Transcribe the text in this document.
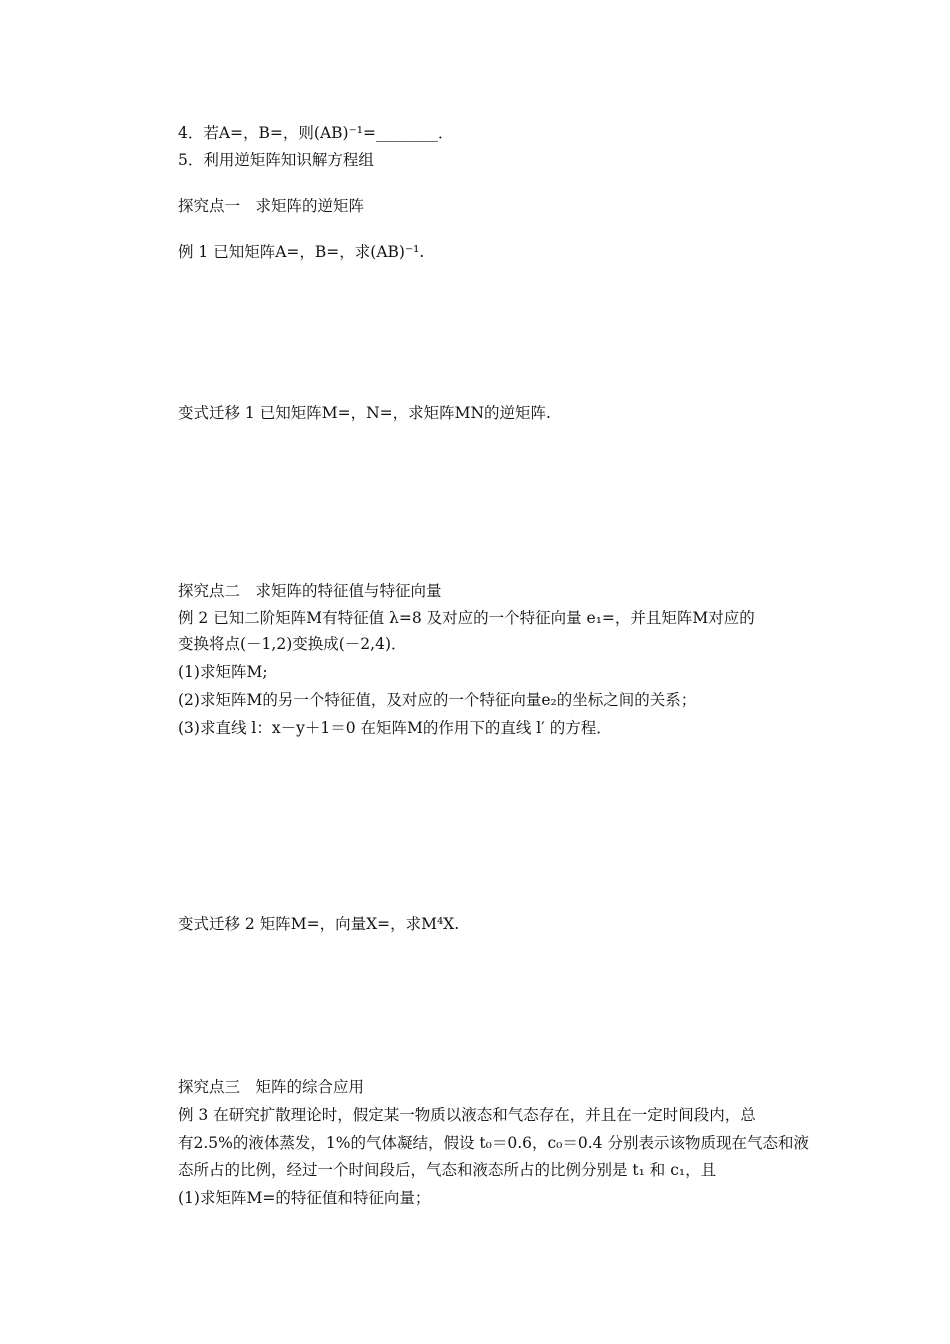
4．若A=，B=，则(AB)⁻¹=________．
5．利用逆矩阵知识解方程组
探究点一　求矩阵的逆矩阵
例 1 已知矩阵A=，B=，求(AB)⁻¹.
变式迁移 1 已知矩阵M=，N=，求矩阵MN的逆矩阵.
探究点二　求矩阵的特征值与特征向量
例 2 已知二阶矩阵M有特征值 λ=8 及对应的一个特征向量 e₁=，并且矩阵M对应的
变换将点(－1,2)变换成(－2,4)．
(1)求矩阵M;
(2)求矩阵M的另一个特征值，及对应的一个特征向量e₂的坐标之间的关系；
(3)求直线 l：x－y＋1＝0 在矩阵M的作用下的直线 l′ 的方程．
变式迁移 2 矩阵M=，向量X=，求M⁴X.
探究点三　矩阵的综合应用
例 3 在研究扩散理论时，假定某一物质以液态和气态存在，并且在一定时间段内，总
有2.5%的液体蒸发，1%的气体凝结，假设 t₀＝0.6，c₀＝0.4 分别表示该物质现在气态和液
态所占的比例，经过一个时间段后，气态和液态所占的比例分别是 t₁ 和 c₁，且
(1)求矩阵M=的特征值和特征向量；
